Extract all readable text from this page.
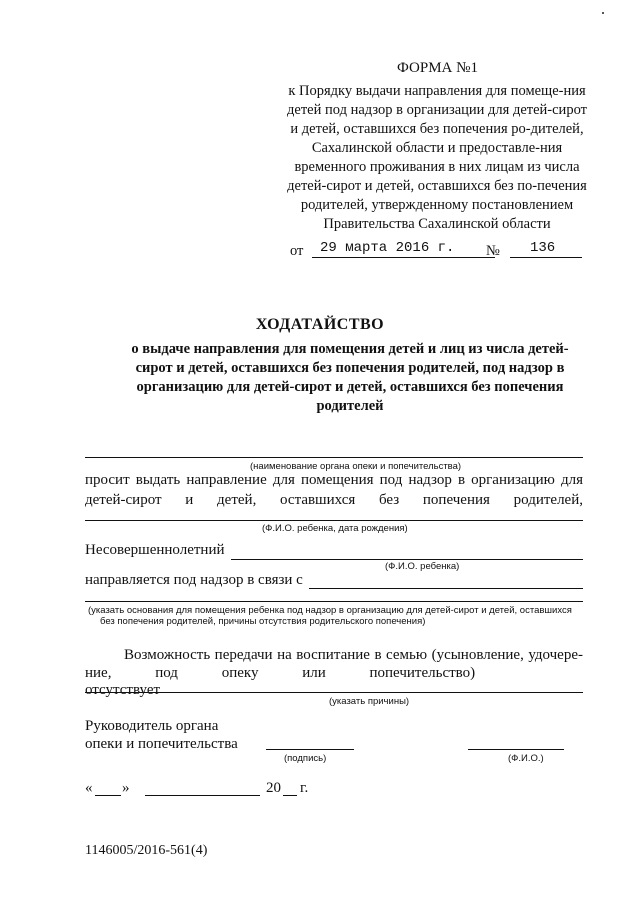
ФОРМА №1
к Порядку выдачи направления для помеще-ния детей под надзор в организации для детей-сирот и детей, оставшихся без попечения ро-дителей, Сахалинской области и предоставле-ния временного проживания в них лицам из числа детей-сирот и детей, оставшихся без по-печения родителей, утвержденному постановлением Правительства Сахалинской области
от	29 марта 2016 г.	№	136
ХОДАТАЙСТВО
о выдаче направления для помещения детей и лиц из числа детей-сирот и детей, оставшихся без попечения родителей, под надзор в организацию для детей-сирот и детей, оставшихся без попечения родителей
(наименование органа опеки и попечительства)
просит выдать направление для помещения под надзор в организацию для
детей-сирот и детей, оставшихся без попечения родителей,
(Ф.И.О. ребенка, дата рождения)
Несовершеннолетний
(Ф.И.О. ребенка)
направляется под надзор в связи с
(указать основания для помещения ребенка под надзор в организацию для детей-сирот и детей, оставшихся
без попечения родителей, причины отсутствия родительского попечения)
Возможность передачи на воспитание в семью (усыновление, удочере-
ние, под опеку или попечительство) отсутствует
(указать причины)
Руководитель органа
опеки и попечительства
(подпись)	(Ф.И.О.)
« »	20 г.
1146005/2016-561(4)
